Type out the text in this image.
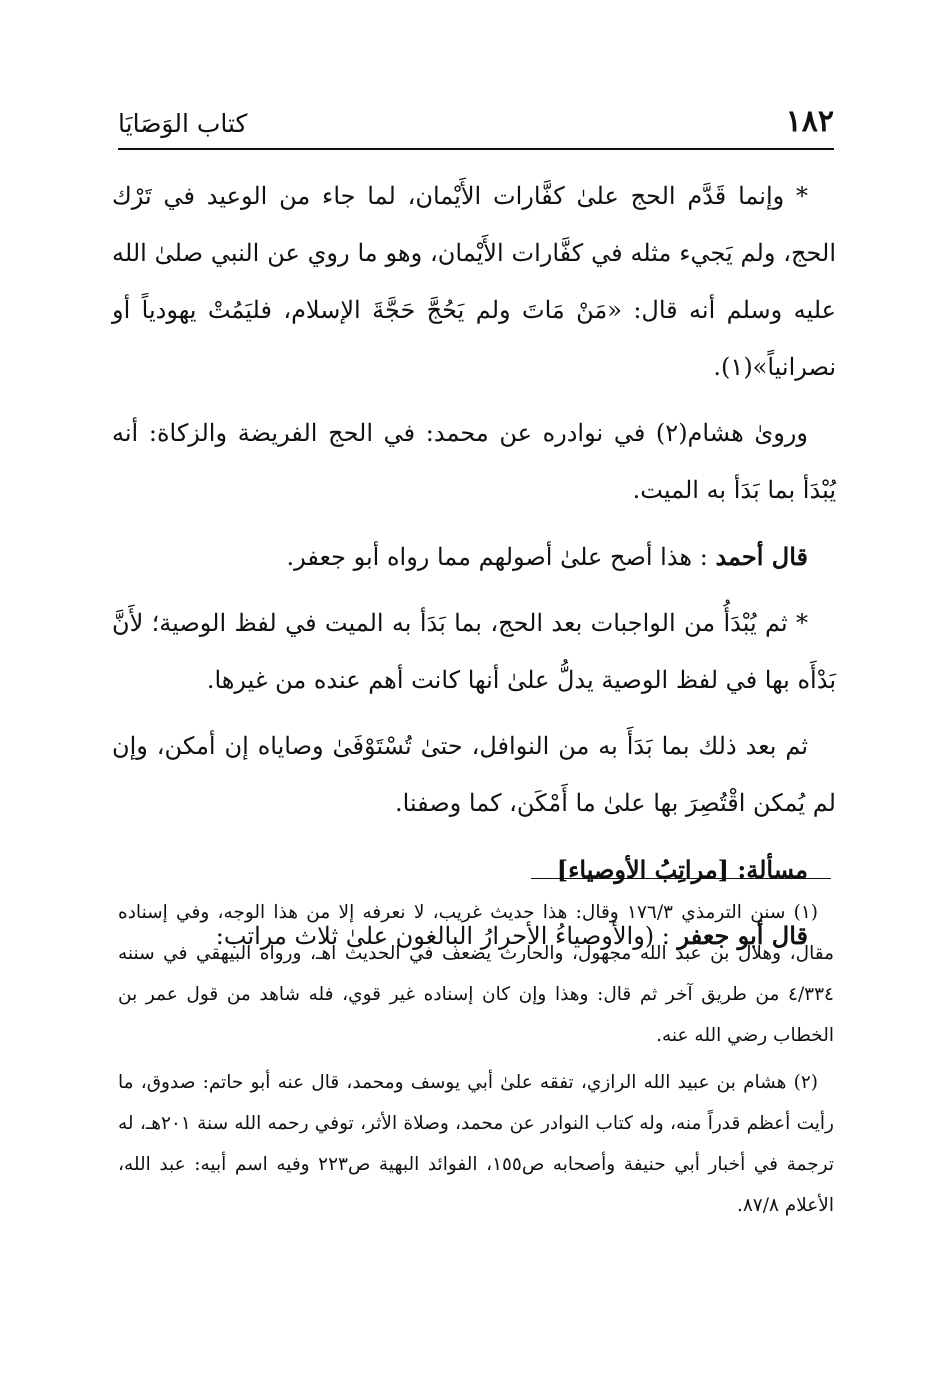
١٨٢
كتاب الوَصَايَا

* وإنما قَدَّم الحج علىٰ كفَّارات الأَيْمان، لما جاء من الوعيد في تَرْك الحج، ولم يَجيء مثله في كفَّارات الأَيْمان، وهو ما روي عن النبي صلىٰ الله عليه وسلم أنه قال: «مَنْ مَاتَ ولم يَحُجَّ حَجَّةَ الإسلام، فليَمُتْ يهودياً أو نصرانياً»(١).

ورویٰ هشام(٢) في نوادره عن محمد: في الحج الفريضة والزكاة: أنه يُبْدَأ بما بَدَأ به الميت.

قال أحمد : هذا أصح علىٰ أصولهم مما رواه أبو جعفر.

* ثم يُبْدَأُ من الواجبات بعد الحج، بما بَدَأ به الميت في لفظ الوصية؛ لأَنَّ بَدْأَه بها في لفظ الوصية يدلُّ علىٰ أنها كانت أهم عنده من غيرها.

ثم بعد ذلك بما بَدَأَ به من النوافل، حتىٰ تُسْتَوْفَىٰ وصاياه إن أمكن، وإن لم يُمكن اقْتُصِرَ بها علىٰ ما أَمْكَن، كما وصفنا.

مسألة: [مراتِبُ الأوصياء]

قال أبو جعفر : (والأوصياءُ الأحرارُ البالغون علىٰ ثلاث مراتب:

(١) سنن الترمذي ١٧٦/٣ وقال: هذا حديث غريب، لا نعرفه إلا من هذا الوجه، وفي إسناده مقال، وهلال بن عبد الله مجهول، والحارث يضعف في الحديث اهـ، ورواه البيهقي في سننه ٤/٣٣٤ من طريق آخر ثم قال: وهذا وإن كان إسناده غير قوي، فله شاهد من قول عمر بن الخطاب رضي الله عنه.

(٢) هشام بن عبيد الله الرازي، تفقه علىٰ أبي يوسف ومحمد، قال عنه أبو حاتم: صدوق، ما رأيت أعظم قدراً منه، وله كتاب النوادر عن محمد، وصلاة الأثر، توفي رحمه الله سنة ٢٠١هـ، له ترجمة في أخبار أبي حنيفة وأصحابه ص١٥٥، الفوائد البهية ص٢٢٣ وفيه اسم أبيه: عبد الله، الأعلام ٨٧/٨.
